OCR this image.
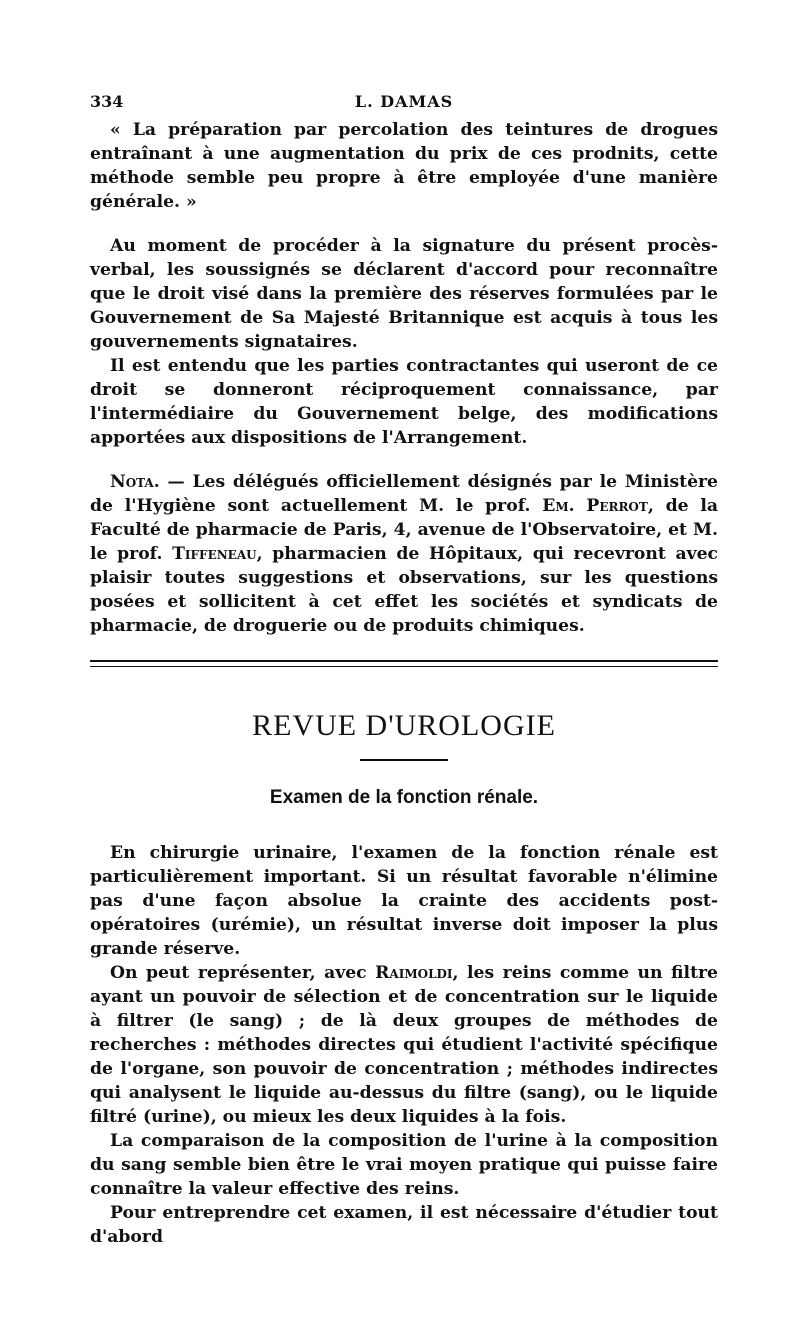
334	L. DAMAS

« La préparation par percolation des teintures de drogues entraînant à une augmentation du prix de ces prodnits, cette méthode semble peu propre à être employée d'une manière générale. »

Au moment de procéder à la signature du présent procès-verbal, les soussignés se déclarent d'accord pour reconnaître que le droit visé dans la première des réserves formulées par le Gouvernement de Sa Majesté Britannique est acquis à tous les gouvernements signataires.

Il est entendu que les parties contractantes qui useront de ce droit se donneront réciproquement connaissance, par l'intermédiaire du Gouvernement belge, des modifications apportées aux dispositions de l'Arrangement.

Nota. — Les délégués officiellement désignés par le Ministère de l'Hygiène sont actuellement M. le prof. Em. Perrot, de la Faculté de pharmacie de Paris, 4, avenue de l'Observatoire, et M. le prof. Tiffeneau, pharmacien de Hôpitaux, qui recevront avec plaisir toutes suggestions et observations, sur les questions posées et sollicitent à cet effet les sociétés et syndicats de pharmacie, de droguerie ou de produits chimiques.

REVUE D'UROLOGIE
Examen de la fonction rénale.

En chirurgie urinaire, l'examen de la fonction rénale est particulièrement important. Si un résultat favorable n'élimine pas d'une façon absolue la crainte des accidents post-opératoires (urémie), un résultat inverse doit imposer la plus grande réserve.

On peut représenter, avec Raimoldi, les reins comme un filtre ayant un pouvoir de sélection et de concentration sur le liquide à filtrer (le sang) ; de là deux groupes de méthodes de recherches : méthodes directes qui étudient l'activité spécifique de l'organe, son pouvoir de concentration ; méthodes indirectes qui analysent le liquide au-dessus du filtre (sang), ou le liquide filtré (urine), ou mieux les deux liquides à la fois.

La comparaison de la composition de l'urine à la composition du sang semble bien être le vrai moyen pratique qui puisse faire connaître la valeur effective des reins.

Pour entreprendre cet examen, il est nécessaire d'étudier tout d'abord
